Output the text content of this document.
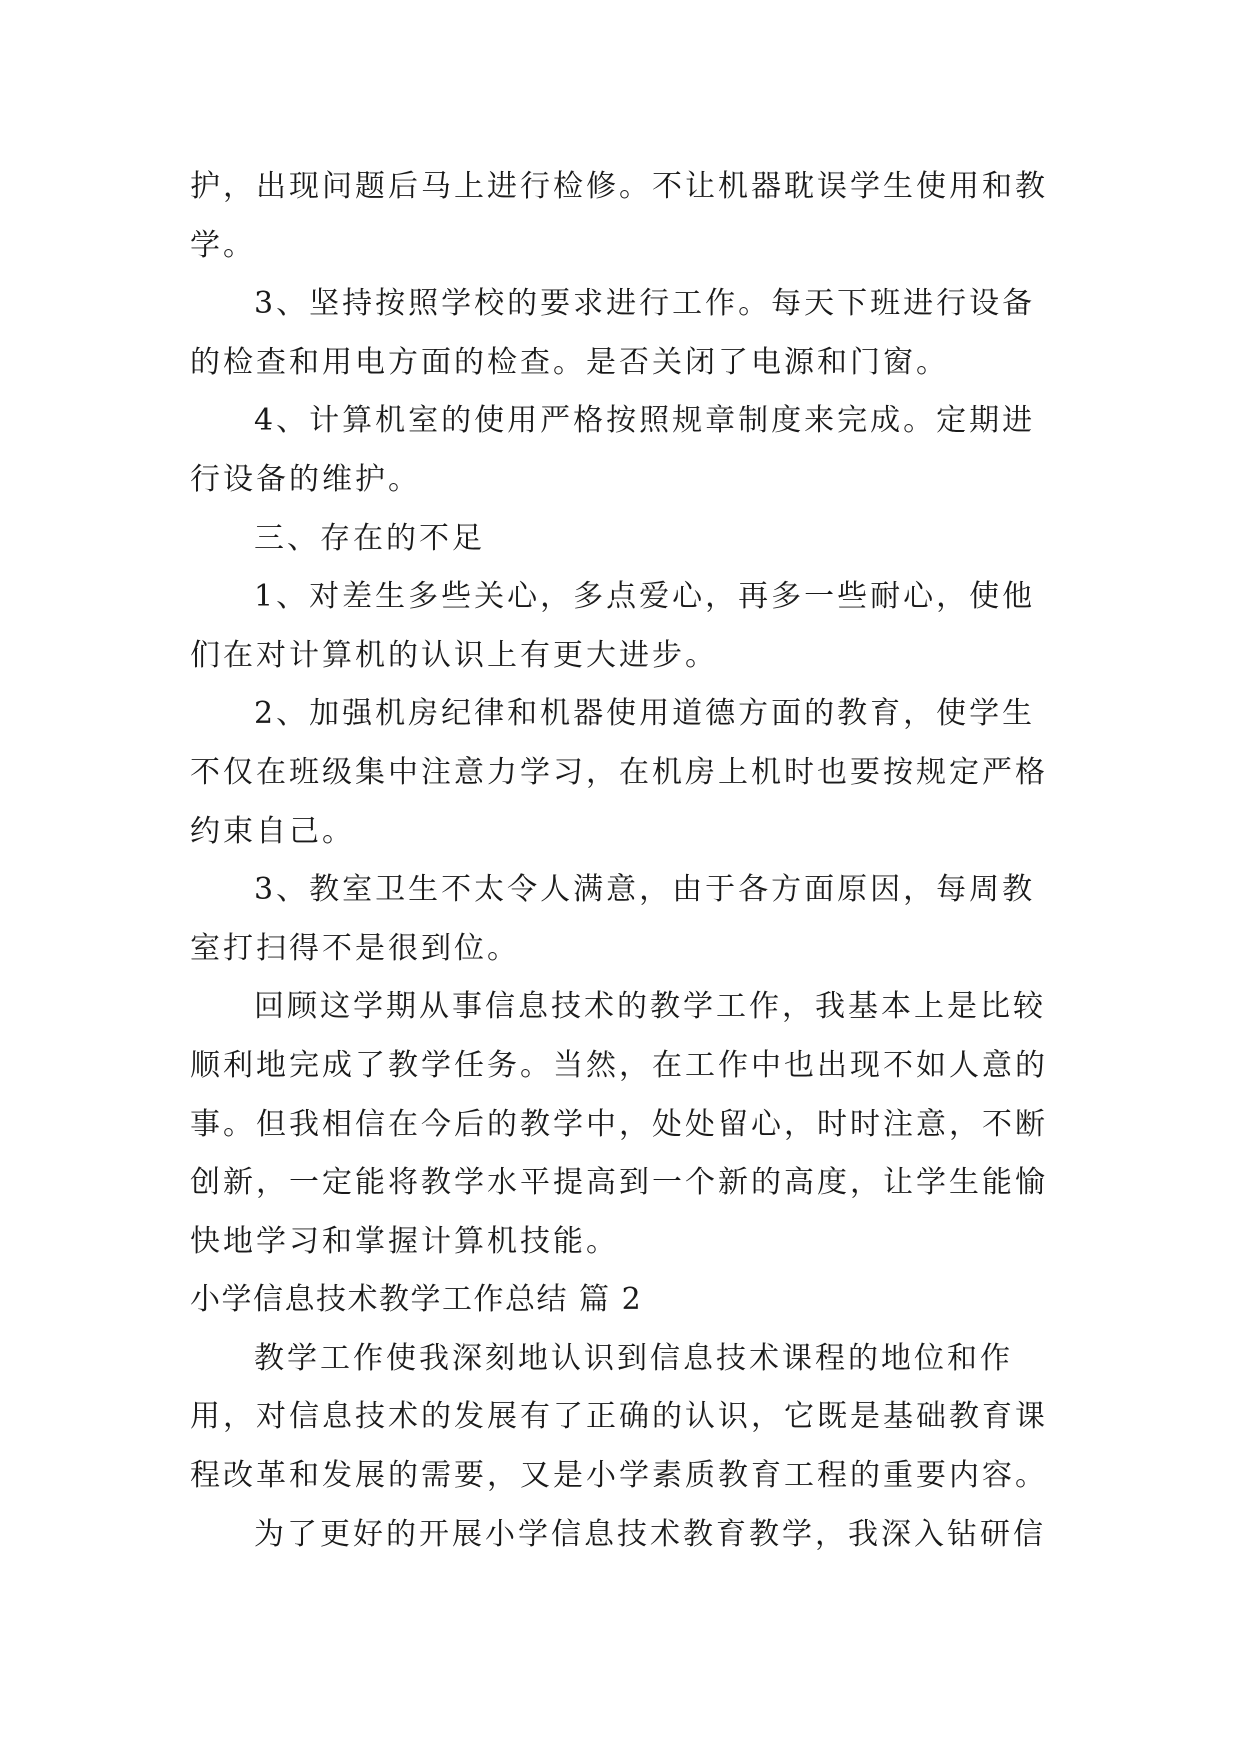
护，出现问题后马上进行检修。不让机器耽误学生使用和教
学。
3、坚持按照学校的要求进行工作。每天下班进行设备
的检查和用电方面的检查。是否关闭了电源和门窗。
4、计算机室的使用严格按照规章制度来完成。定期进
行设备的维护。
三、存在的不足
1、对差生多些关心，多点爱心，再多一些耐心，使他
们在对计算机的认识上有更大进步。
2、加强机房纪律和机器使用道德方面的教育，使学生
不仅在班级集中注意力学习，在机房上机时也要按规定严格
约束自己。
3、教室卫生不太令人满意，由于各方面原因，每周教
室打扫得不是很到位。
回顾这学期从事信息技术的教学工作，我基本上是比较
顺利地完成了教学任务。当然，在工作中也出现不如人意的
事。但我相信在今后的教学中，处处留心，时时注意，不断
创新，一定能将教学水平提高到一个新的高度，让学生能愉
快地学习和掌握计算机技能。
小学信息技术教学工作总结 篇 2
教学工作使我深刻地认识到信息技术课程的地位和作
用，对信息技术的发展有了正确的认识，它既是基础教育课
程改革和发展的需要，又是小学素质教育工程的重要内容。
为了更好的开展小学信息技术教育教学，我深入钻研信
